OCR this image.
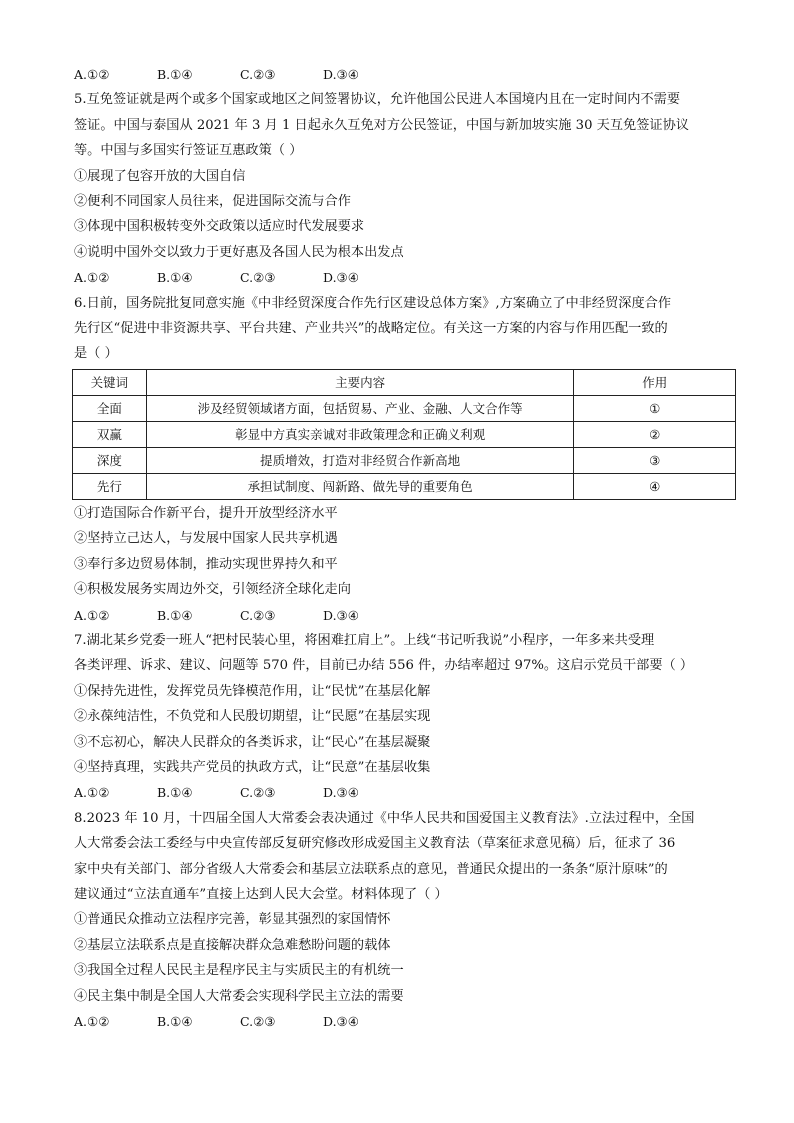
A.①②	B.①④	C.②③	D.③④
5.互免签证就是两个或多个国家或地区之间签署协议，允许他国公民进人本国境内且在一定时间内不需要
签证。中国与泰国从 2021 年 3 月 1 日起永久互免对方公民签证，中国与新加坡实施 30 天互免签证协议
等。中国与多国实行签证互惠政策（ ）
①展现了包容开放的大国自信
②便利不同国家人员往来，促进国际交流与合作
③体现中国积极转变外交政策以适应时代发展要求
④说明中国外交以致力于更好惠及各国人民为根本出发点
A.①②	B.①④	C.②③	D.③④
6.日前，国务院批复同意实施《中非经贸深度合作先行区建设总体方案》,方案确立了中非经贸深度合作
先行区“促进中非资源共享、平台共建、产业共兴”的战略定位。有关这一方案的内容与作用匹配一致的
是（ ）
关键词	主要内容	作用
全面	涉及经贸领域诸方面，包括贸易、产业、金融、人文合作等	①
双赢	彰显中方真实亲诚对非政策理念和正确义利观	②
深度	提质增效，打造对非经贸合作新高地	③
先行	承担试制度、闯新路、做先导的重要角色	④
①打造国际合作新平台，提升开放型经济水平
②坚持立己达人，与发展中国家人民共享机遇
③奉行多边贸易体制，推动实现世界持久和平
④积极发展务实周边外交，引领经济全球化走向
A.①②	B.①④	C.②③	D.③④
7.湖北某乡党委一班人“把村民装心里，将困难扛肩上”。上线“书记听我说”小程序，一年多来共受理
各类评理、诉求、建议、问题等 570 件，目前已办结 556 件，办结率超过 97%。这启示党员干部要（ ）
①保持先进性，发挥党员先锋模范作用，让“民忧”在基层化解
②永葆纯洁性，不负党和人民殷切期望，让“民愿”在基层实现
③不忘初心，解决人民群众的各类诉求，让“民心”在基层凝聚
④坚持真理，实践共产党员的执政方式，让“民意”在基层收集
A.①②	B.①④	C.②③	D.③④
8.2023 年 10 月，十四届全国人大常委会表决通过《中华人民共和国爱国主义教育法》.立法过程中，全国
人大常委会法工委经与中央宣传部反复研究修改形成爱国主义教育法（草案征求意见稿）后，征求了 36
家中央有关部门、部分省级人大常委会和基层立法联系点的意见，普通民众提出的一条条“原汁原味”的
建议通过“立法直通车”直接上达到人民大会堂。材料体现了（ ）
①普通民众推动立法程序完善，彰显其强烈的家国情怀
②基层立法联系点是直接解决群众急难愁盼问题的载体
③我国全过程人民民主是程序民主与实质民主的有机统一
④民主集中制是全国人大常委会实现科学民主立法的需要
A.①②	B.①④	C.②③	D.③④
